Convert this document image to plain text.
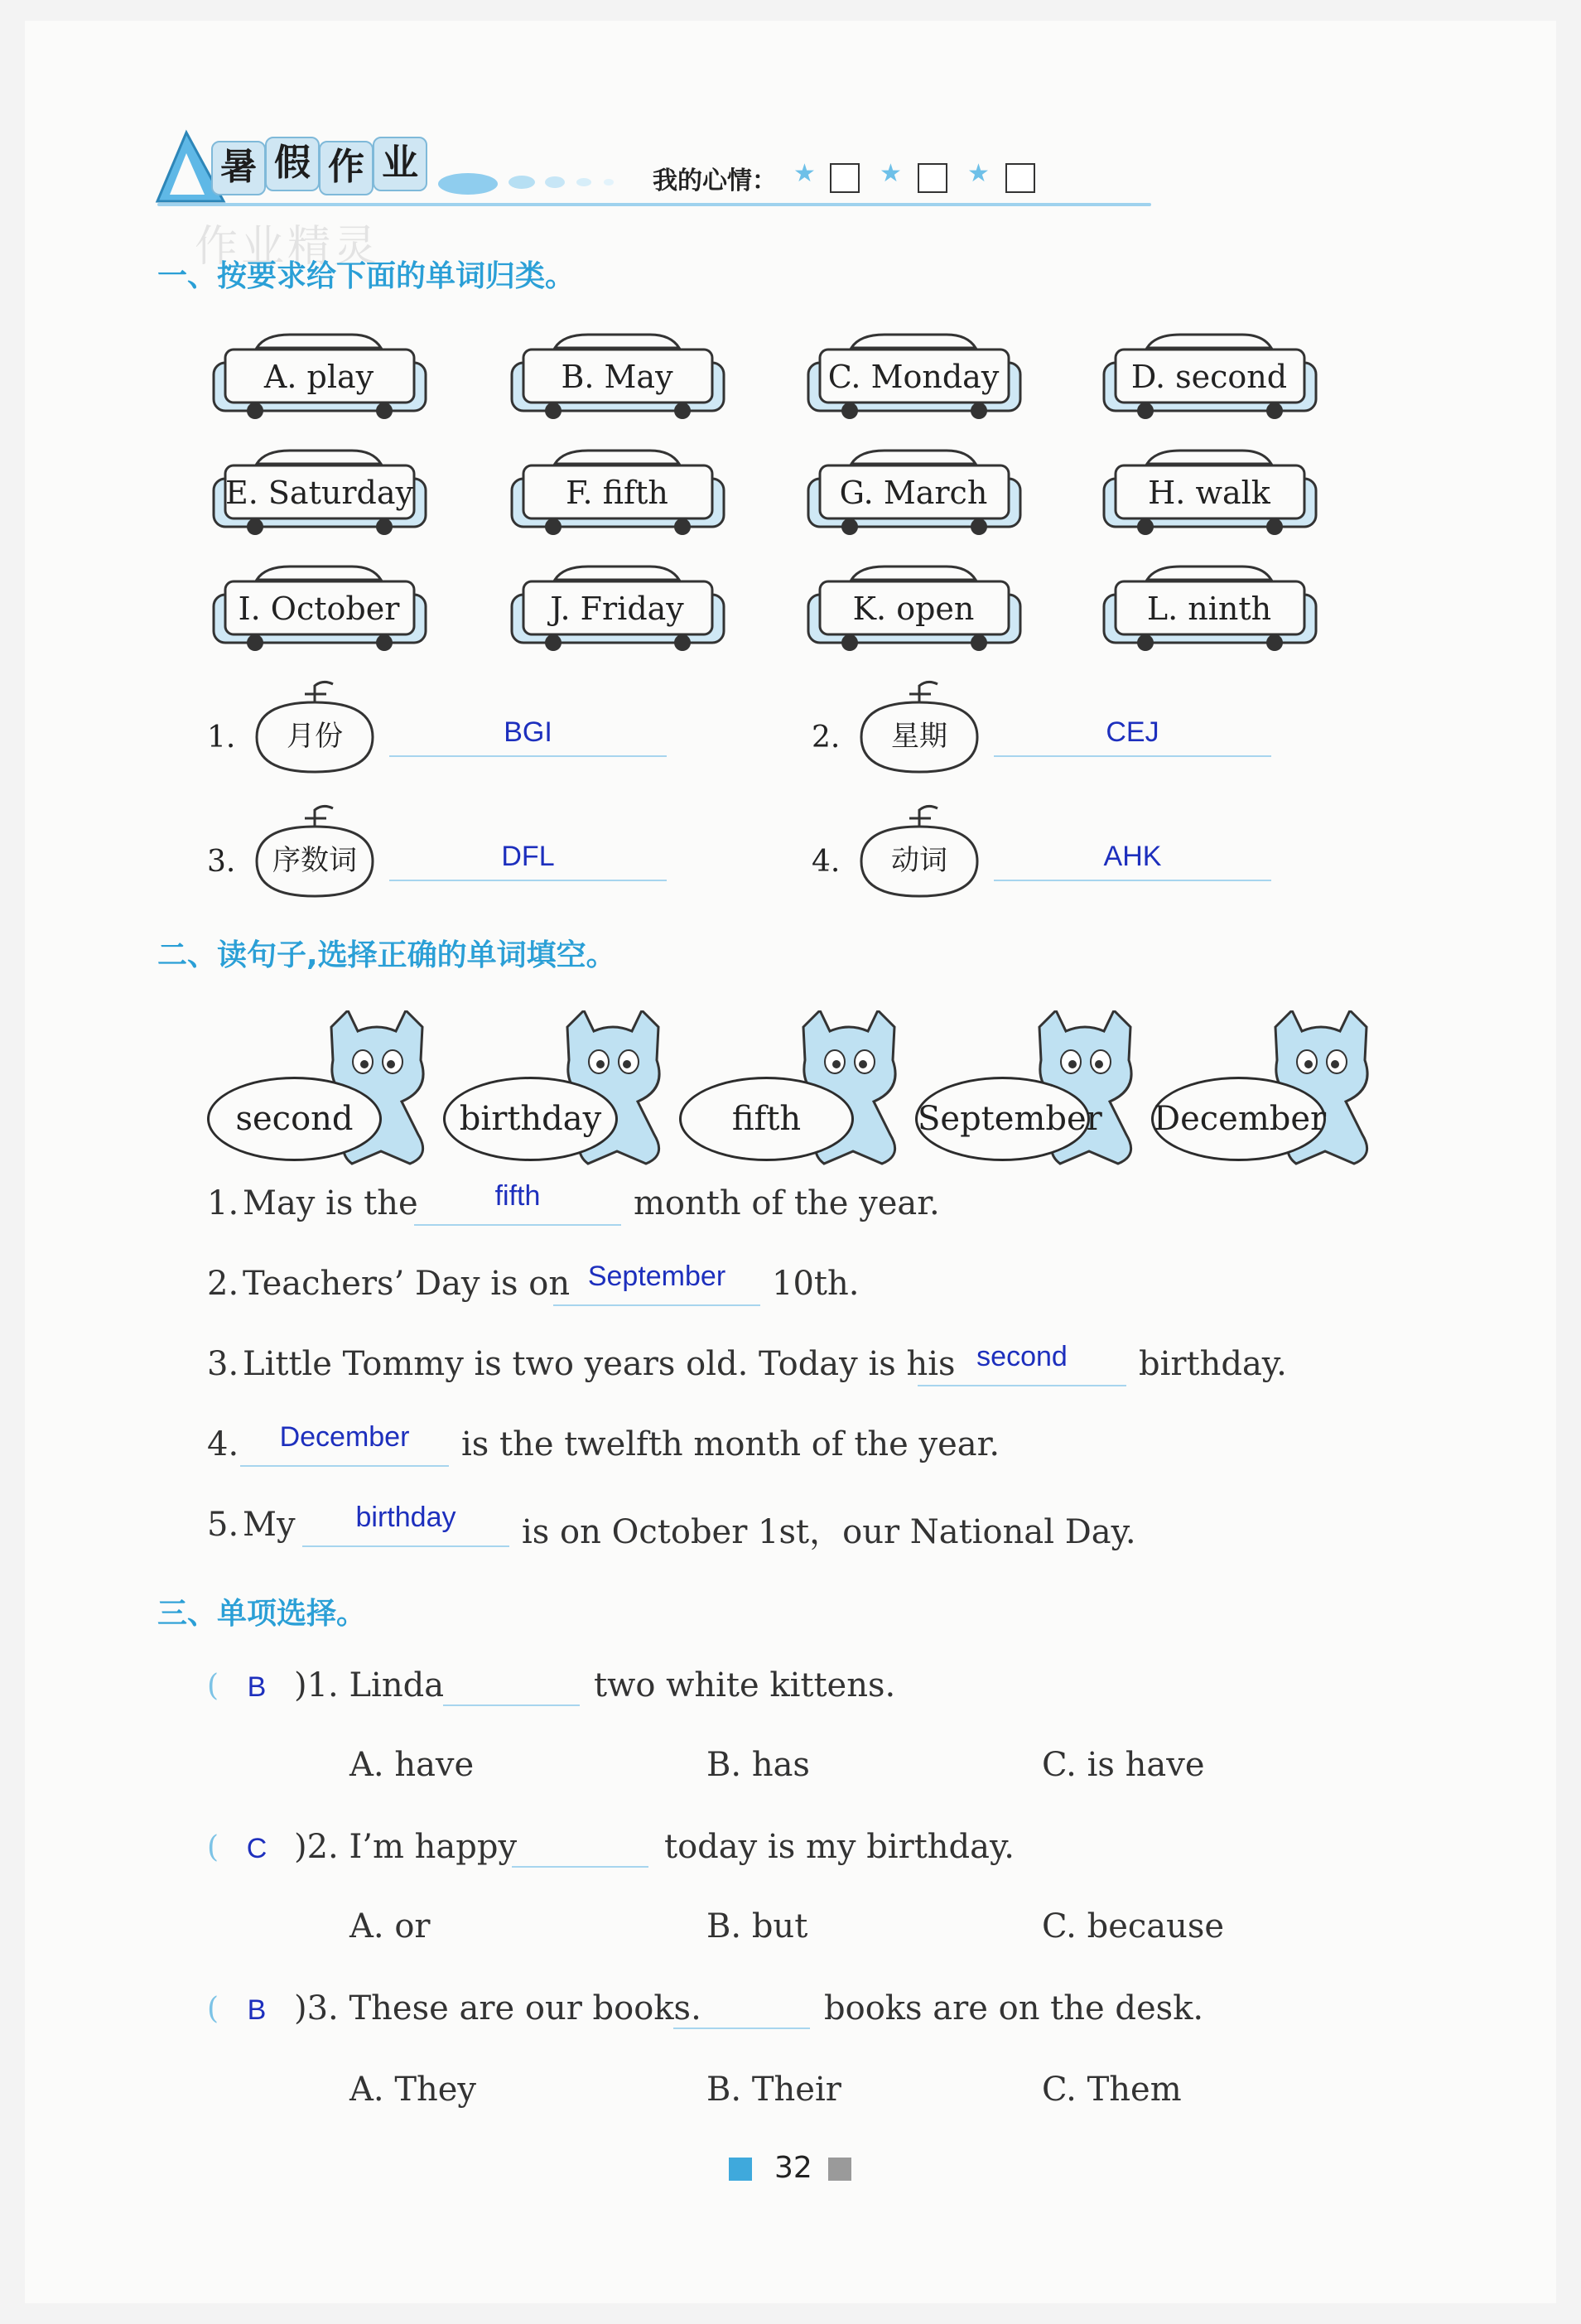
暑 假 作 业	我的心情： ★	★	★
作业精灵
一、按要求给下面的单词归类。
A. play	B. May	C. Monday	D. second
E. Saturday	F. fifth	G. March	H. walk
I. October	J. Friday	K. open	L. ninth
1.	月份	BGI	2.	星期	CEJ
3.	序数词	DFL	4.	动词	AHK
二、读句子,选择正确的单词填空。
second	birthday	fifth	September December
1. May is the	fifth	month of the year.
2. Teachers’ Day is on September	10th.
3. Little Tommy is two years old. Today is his second	birthday.
4.	December	is the twelfth month of the year.
5. My	birthday	is on October 1st，our National Day.
三、单项选择。
( B )1. Linda	two white kittens.
A. have	B. has	C. is have
( C )2. I’m happy	today is my birthday.
A. or	B. but	C. because
( B )3. These are our books.	books are on the desk.
A. They	B. Their	C. Them
32
